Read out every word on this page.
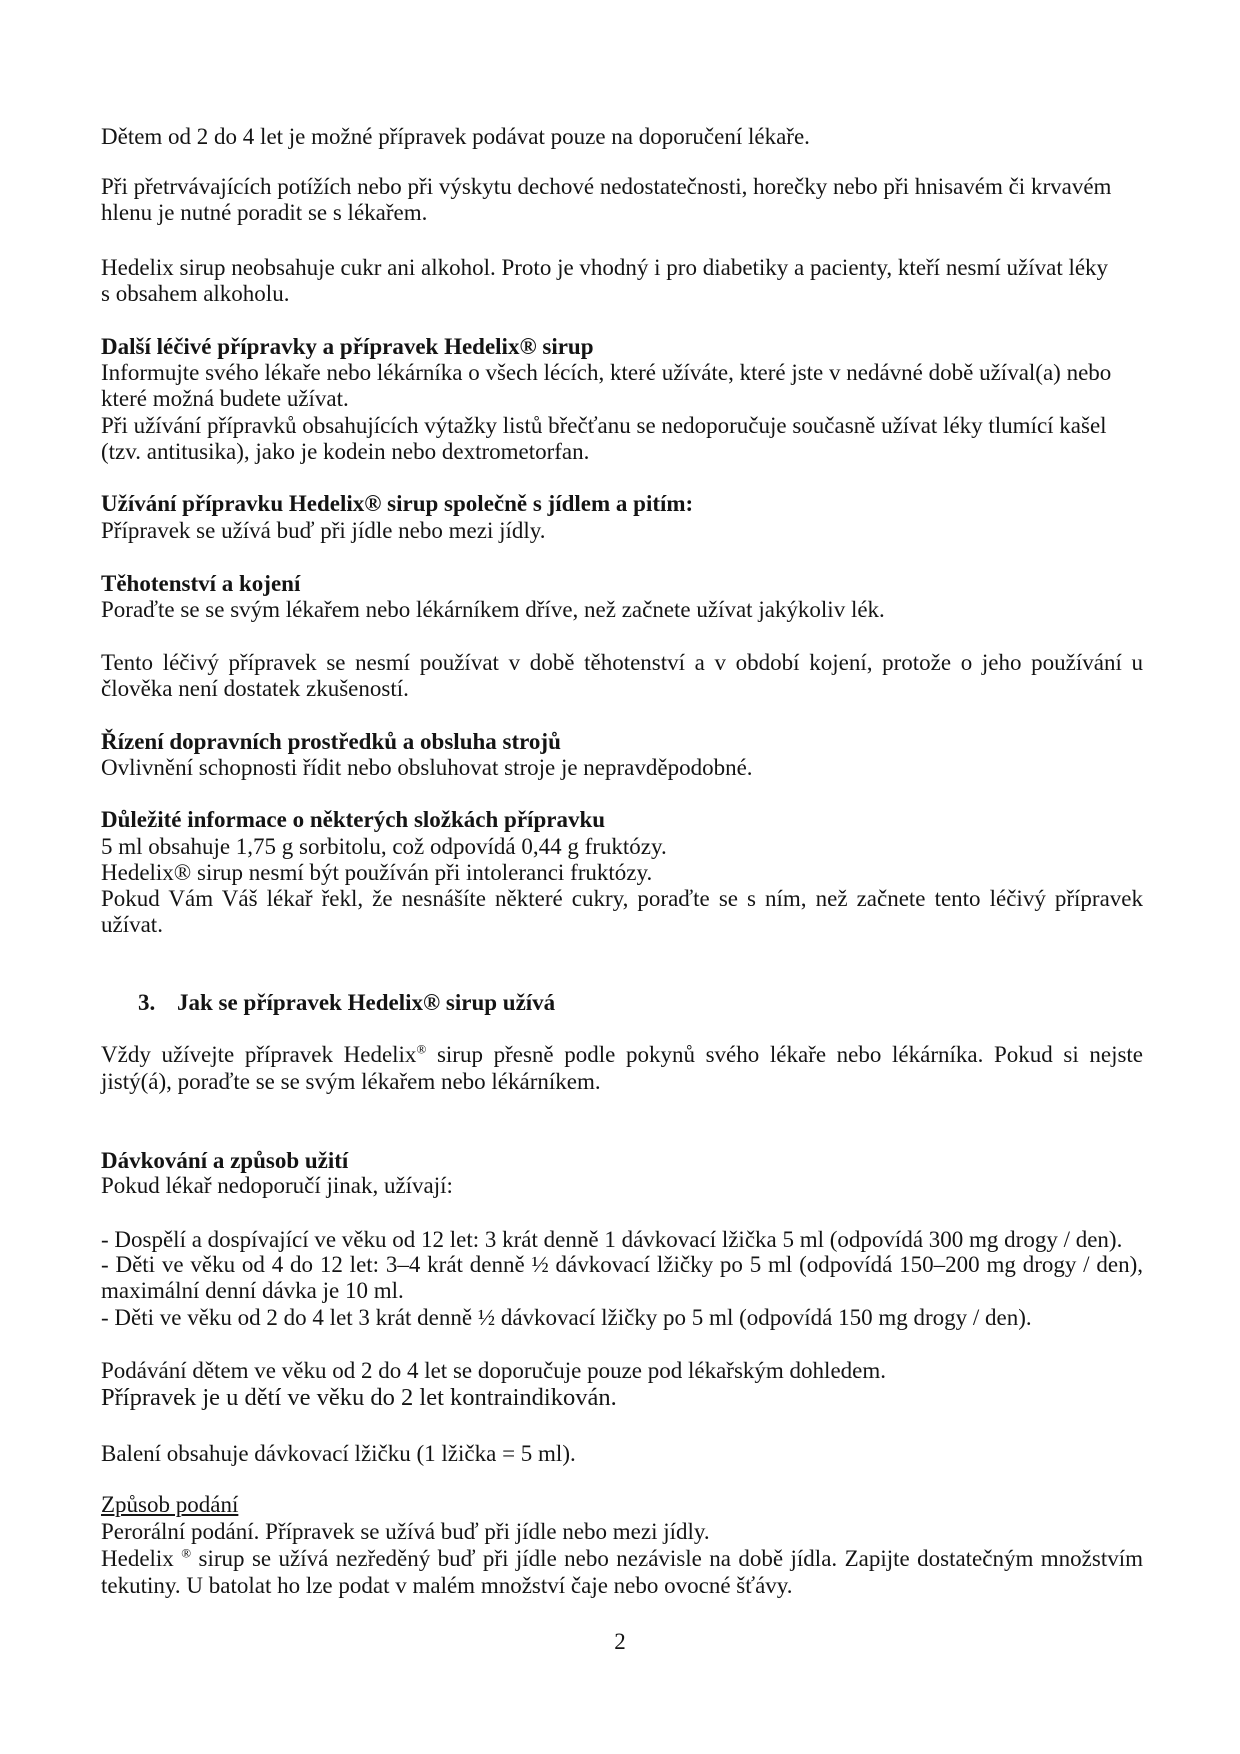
Dětem od 2 do 4 let je možné přípravek podávat pouze na doporučení lékaře.
Při přetrvávajících potížích nebo při výskytu dechové nedostatečnosti, horečky nebo při hnisavém či krvavém
hlenu je nutné poradit se s lékařem.
Hedelix sirup neobsahuje cukr ani alkohol. Proto je vhodný i pro diabetiky a pacienty, kteří nesmí užívat léky
s obsahem alkoholu.
Další léčivé přípravky a přípravek Hedelix® sirup
Informujte svého lékaře nebo lékárníka o všech lécích, které užíváte, které jste v nedávné době užíval(a) nebo
které možná budete užívat.
Při užívání přípravků obsahujících výtažky listů břečťanu se nedoporučuje současně užívat léky tlumící kašel
(tzv. antitusika), jako je kodein nebo dextrometorfan.
Užívání přípravku Hedelix® sirup společně s jídlem a pitím:
Přípravek se užívá buď při jídle nebo mezi jídly.
Těhotenství a kojení
Poraďte se se svým lékařem nebo lékárníkem dříve, než začnete užívat jakýkoliv lék.
Tento léčivý přípravek se nesmí používat v době těhotenství a v období kojení, protože o jeho používání u
člověka není dostatek zkušeností.
Řízení dopravních prostředků a obsluha strojů
Ovlivnění schopnosti řídit nebo obsluhovat stroje je nepravděpodobné.
Důležité informace o některých složkách přípravku
5 ml obsahuje 1,75 g sorbitolu, což odpovídá 0,44 g fruktózy.
Hedelix® sirup nesmí být používán při intoleranci fruktózy.
Pokud Vám Váš lékař řekl, že nesnášíte některé cukry, poraďte se s ním, než začnete tento léčivý přípravek
užívat.
3. Jak se přípravek Hedelix® sirup užívá
Vždy užívejte přípravek Hedelix® sirup přesně podle pokynů svého lékaře nebo lékárníka. Pokud si nejste
jistý(á), poraďte se se svým lékařem nebo lékárníkem.
Dávkování a způsob užití
Pokud lékař nedoporučí jinak, užívají:
- Dospělí a dospívající ve věku od 12 let: 3 krát denně 1 dávkovací lžička 5 ml (odpovídá 300 mg drogy / den).
- Děti ve věku od 4 do 12 let: 3–4 krát denně ½ dávkovací lžičky po 5 ml (odpovídá 150–200 mg drogy / den),
maximální denní dávka je 10 ml.
- Děti ve věku od 2 do 4 let 3 krát denně ½ dávkovací lžičky po 5 ml (odpovídá 150 mg drogy / den).
Podávání dětem ve věku od 2 do 4 let se doporučuje pouze pod lékařským dohledem.
Přípravek je u dětí ve věku do 2 let kontraindikován.
Balení obsahuje dávkovací lžičku (1 lžička = 5 ml).
Způsob podání
Perorální podání. Přípravek se užívá buď při jídle nebo mezi jídly.
Hedelix ® sirup se užívá nezředěný buď při jídle nebo nezávisle na době jídla. Zapijte dostatečným množstvím
tekutiny. U batolat ho lze podat v malém množství čaje nebo ovocné šťávy.
2
